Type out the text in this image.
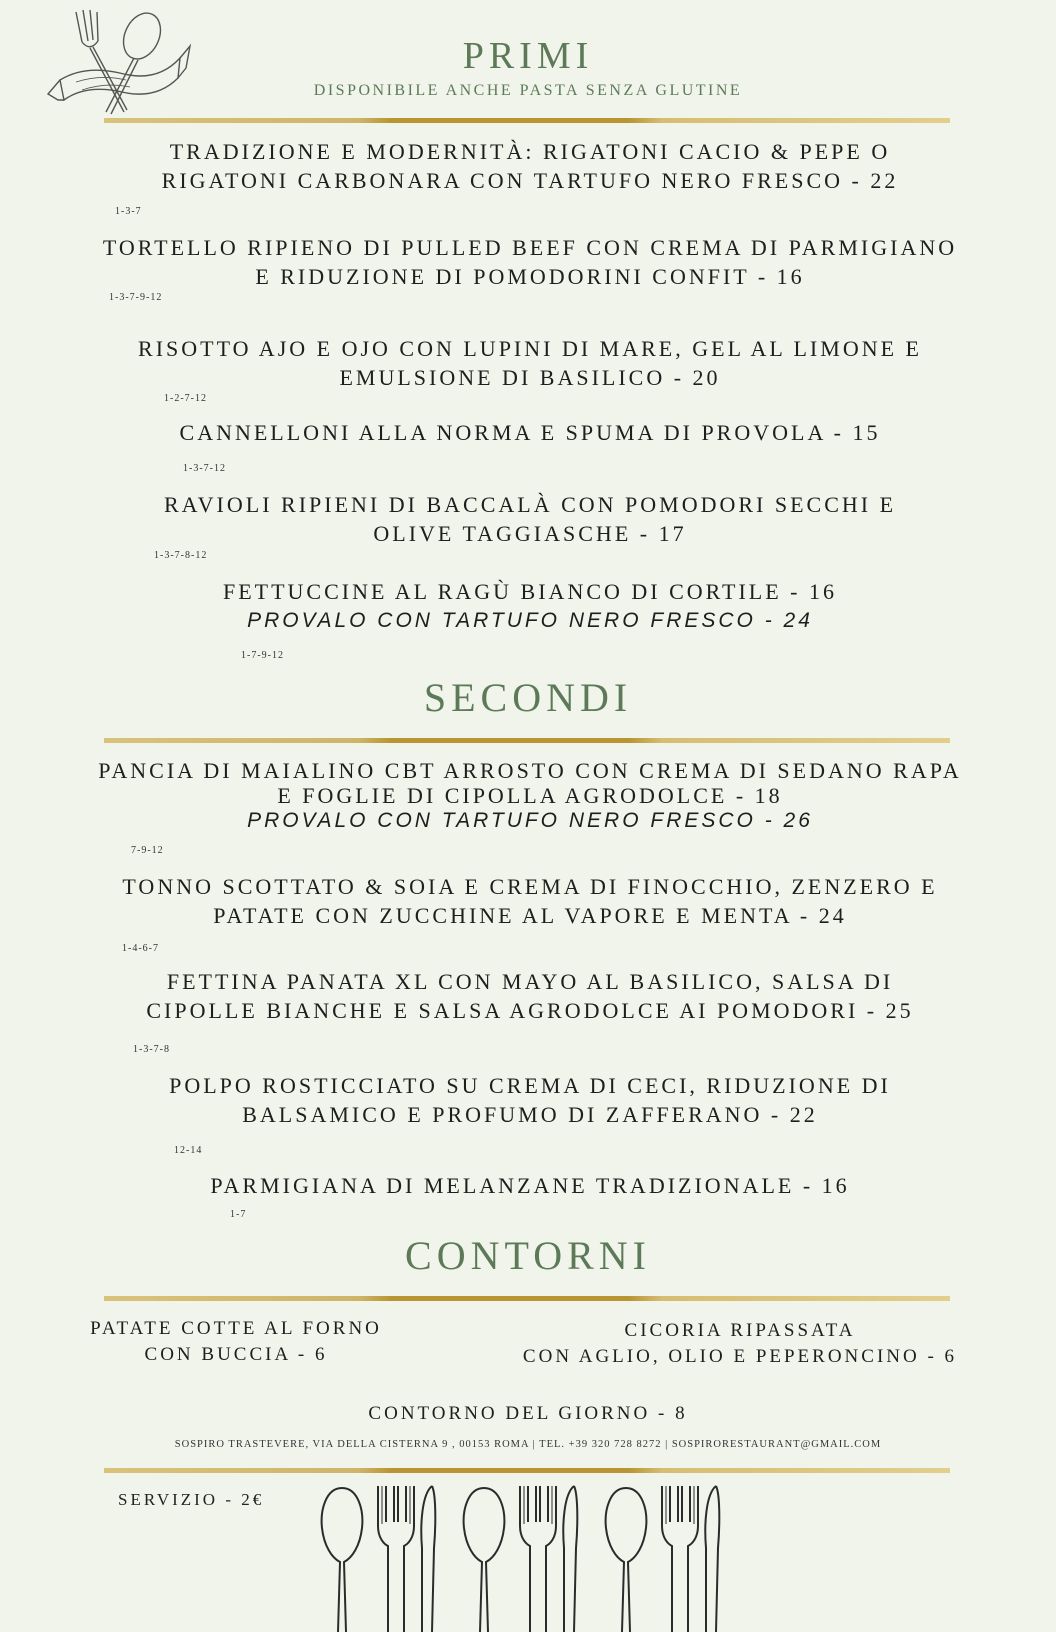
PRIMI
DISPONIBILE ANCHE PASTA SENZA GLUTINE
TRADIZIONE E MODERNITÀ: RIGATONI CACIO & PEPE O
RIGATONI CARBONARA CON TARTUFO NERO FRESCO - 22
1-3-7
TORTELLO RIPIENO DI PULLED BEEF CON CREMA DI PARMIGIANO
E RIDUZIONE DI POMODORINI CONFIT - 16
1-3-7-9-12
RISOTTO AJO E OJO CON LUPINI DI MARE, GEL AL LIMONE E
EMULSIONE DI BASILICO - 20
1-2-7-12
CANNELLONI ALLA NORMA E SPUMA DI PROVOLA - 15
1-3-7-12
RAVIOLI RIPIENI DI BACCALÀ CON POMODORI SECCHI E
OLIVE TAGGIASCHE - 17
1-3-7-8-12
FETTUCCINE AL RAGÙ BIANCO DI CORTILE - 16
PROVALO CON TARTUFO NERO FRESCO - 24
1-7-9-12
SECONDI
PANCIA DI MAIALINO CBT ARROSTO CON CREMA DI SEDANO RAPA
E FOGLIE DI CIPOLLA AGRODOLCE - 18
PROVALO CON TARTUFO NERO FRESCO - 26
7-9-12
TONNO SCOTTATO & SOIA E CREMA DI FINOCCHIO, ZENZERO E
PATATE CON ZUCCHINE AL VAPORE E MENTA - 24
1-4-6-7
FETTINA PANATA XL CON MAYO AL BASILICO, SALSA DI
CIPOLLE BIANCHE E SALSA AGRODOLCE AI POMODORI - 25
1-3-7-8
POLPO ROSTICCIATO SU CREMA DI CECI, RIDUZIONE DI
BALSAMICO E PROFUMO DI ZAFFERANO - 22
12-14
PARMIGIANA DI MELANZANE TRADIZIONALE - 16
1-7
CONTORNI
PATATE COTTE AL FORNO
CON BUCCIA - 6
CICORIA RIPASSATA
CON AGLIO, OLIO E PEPERONCINO - 6
CONTORNO DEL GIORNO - 8
SOSPIRO TRASTEVERE, VIA DELLA CISTERNA 9 , 00153 ROMA | TEL. +39 320 728 8272 | SOSPIRORESTAURANT@GMAIL.COM
SERVIZIO - 2€
